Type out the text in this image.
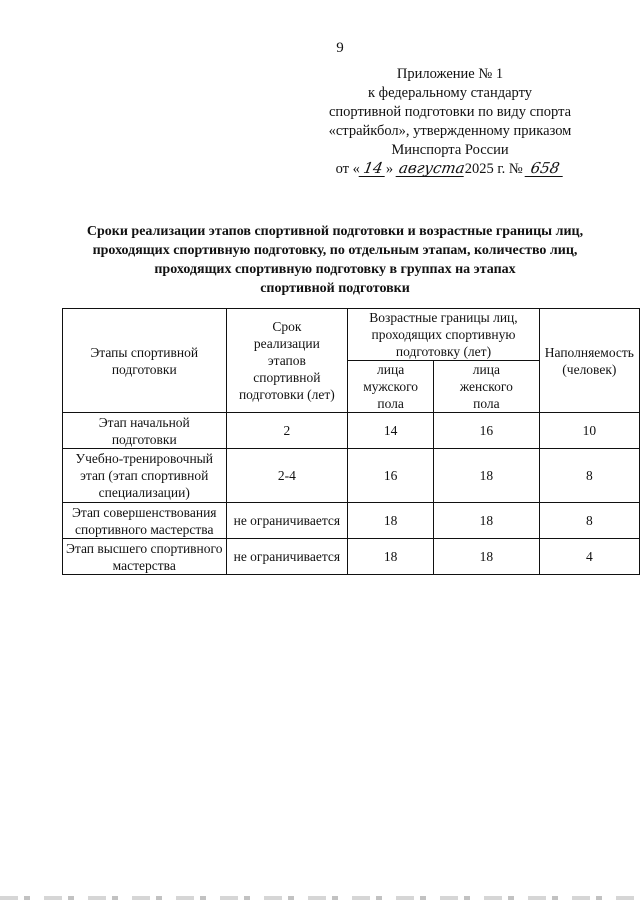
9
Приложение № 1
к федеральному стандарту
спортивной подготовки по виду спорта
«страйкбол», утвержденному приказом
Минспорта России
от « 14 » августа2025 г. № 658
Сроки реализации этапов спортивной подготовки и возрастные границы лиц,
проходящих спортивную подготовку, по отдельным этапам, количество лиц,
проходящих спортивную подготовку в группах на этапах
спортивной подготовки
Этапы спортивной подготовки	Срок реализации этапов спортивной подготовки (лет)	Возрастные границы лиц, проходящих спортивную подготовку (лет)		Наполняемость (человек)
		лица мужского пола	лица женского пола	
Этап начальной подготовки	2	14	16	10
Учебно-тренировочный этап (этап спортивной специализации)	2-4	16	18	8
Этап совершенствования спортивного мастерства	не ограничивается	18	18	8
Этап высшего спортивного мастерства	не ограничивается	18	18	4
